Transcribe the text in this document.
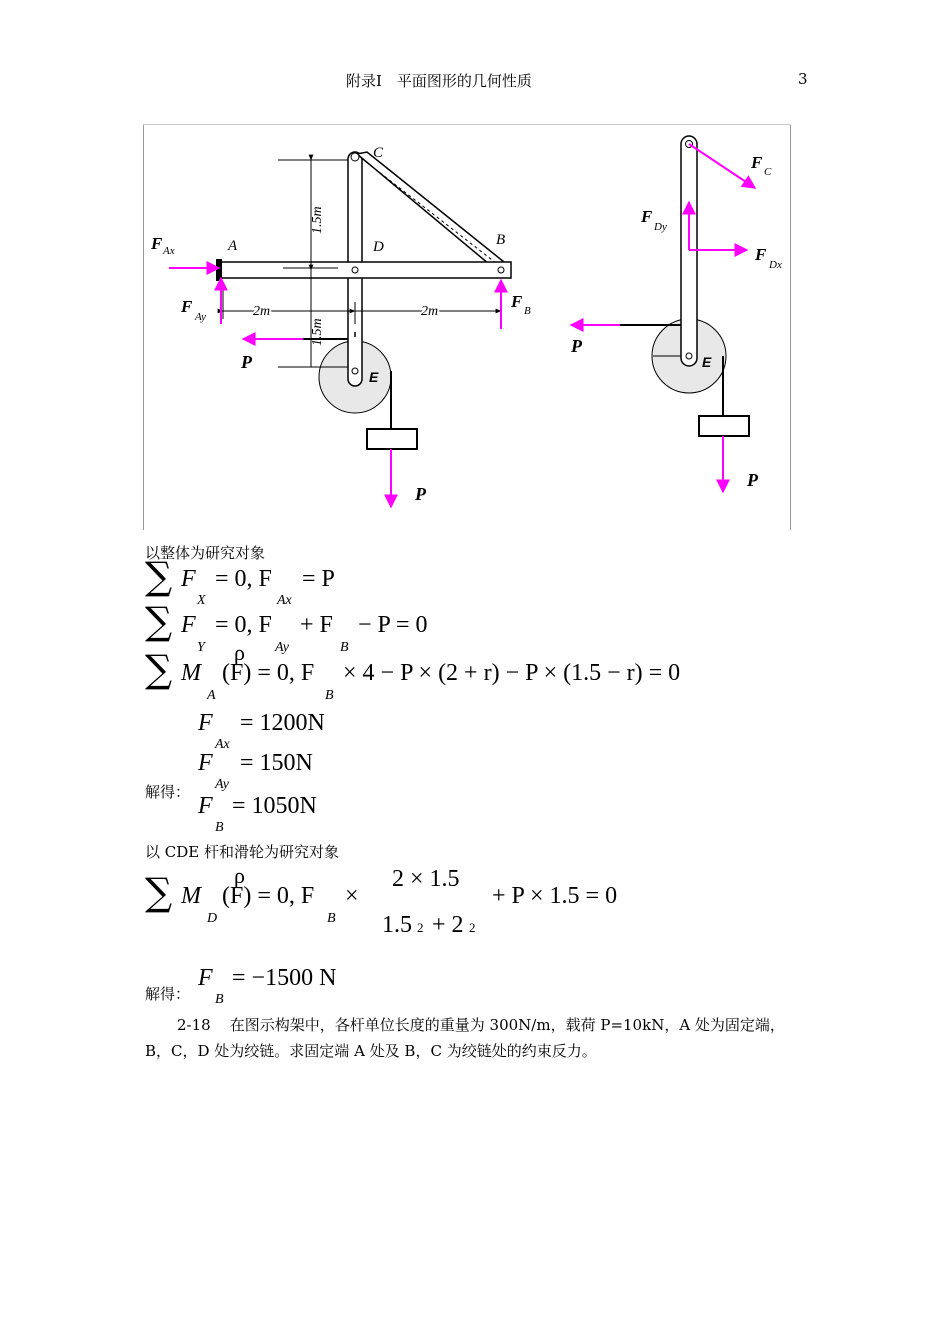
附录Ⅰ　平面图形的几何性质	3
C
D	B
A
E
1.5m
1.5m
2m	2m
F Ax
F
Ay
F B
P
P
F C
F
Dy
F
Dx
P
P
E
以整体为研究对象
∑ F
X
= 0, F
Ax
= P
∑ F
Y
= 0, F
Ay
+ F
B
− P = 0
∑ M
A
ρ
(F) = 0, F
B
× 4 − P × (2 + r) − P × (1.5 − r) = 0
F
Ax
= 1200N
F
Ay
= 150N
解得：
F
B
= 1050N
以 CDE 杆和滑轮为研究对象
∑ M
D
ρ
(F) = 0, F
B
×
2 × 1.5
1.5 2 + 2 2
+ P × 1.5 = 0
解得：
F
B
= −1500 N
2-18 在图示构架中，各杆单位长度的重量为 300N/m，载荷 P=10kN，A 处为固定端，
B，C，D 处为绞链。求固定端 A 处及 B，C 为绞链处的约束反力。
